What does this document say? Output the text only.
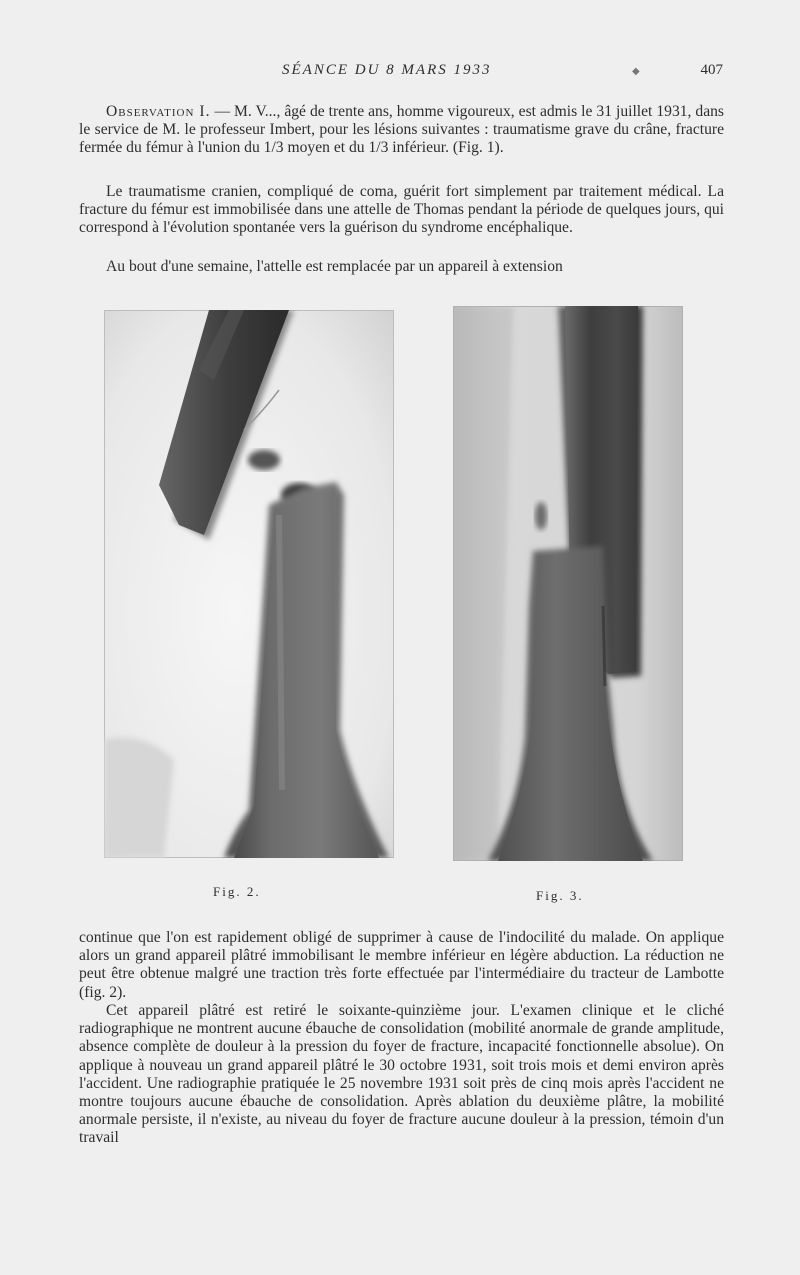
SÉANCE DU 8 MARS 1933	◆	407

Observation I. — M. V..., âgé de trente ans, homme vigoureux, est admis le 31 juillet 1931, dans le service de M. le professeur Imbert, pour les lésions suivantes : traumatisme grave du crâne, fracture fermée du fémur à l'union du 1/3 moyen et du 1/3 inférieur. (Fig. 1).

Le traumatisme cranien, compliqué de coma, guérit fort simplement par traitement médical. La fracture du fémur est immobilisée dans une attelle de Thomas pendant la période de quelques jours, qui correspond à l'évolution spontanée vers la guérison du syndrome encéphalique.

Au bout d'une semaine, l'attelle est remplacée par un appareil à extension

Fig. 2.	Fig. 3.

continue que l'on est rapidement obligé de supprimer à cause de l'indocilité du malade. On applique alors un grand appareil plâtré immobilisant le membre inférieur en légère abduction. La réduction ne peut être obtenue malgré une traction très forte effectuée par l'intermédiaire du tracteur de Lambotte (fig. 2).

Cet appareil plâtré est retiré le soixante-quinzième jour. L'examen clinique et le cliché radiographique ne montrent aucune ébauche de consolidation (mobilité anormale de grande amplitude, absence complète de douleur à la pression du foyer de fracture, incapacité fonctionnelle absolue). On applique à nouveau un grand appareil plâtré le 30 octobre 1931, soit trois mois et demi environ après l'accident. Une radiographie pratiquée le 25 novembre 1931 soit près de cinq mois après l'accident ne montre toujours aucune ébauche de consolidation. Après ablation du deuxième plâtre, la mobilité anormale persiste, il n'existe, au niveau du foyer de fracture aucune douleur à la pression, témoin d'un travail
